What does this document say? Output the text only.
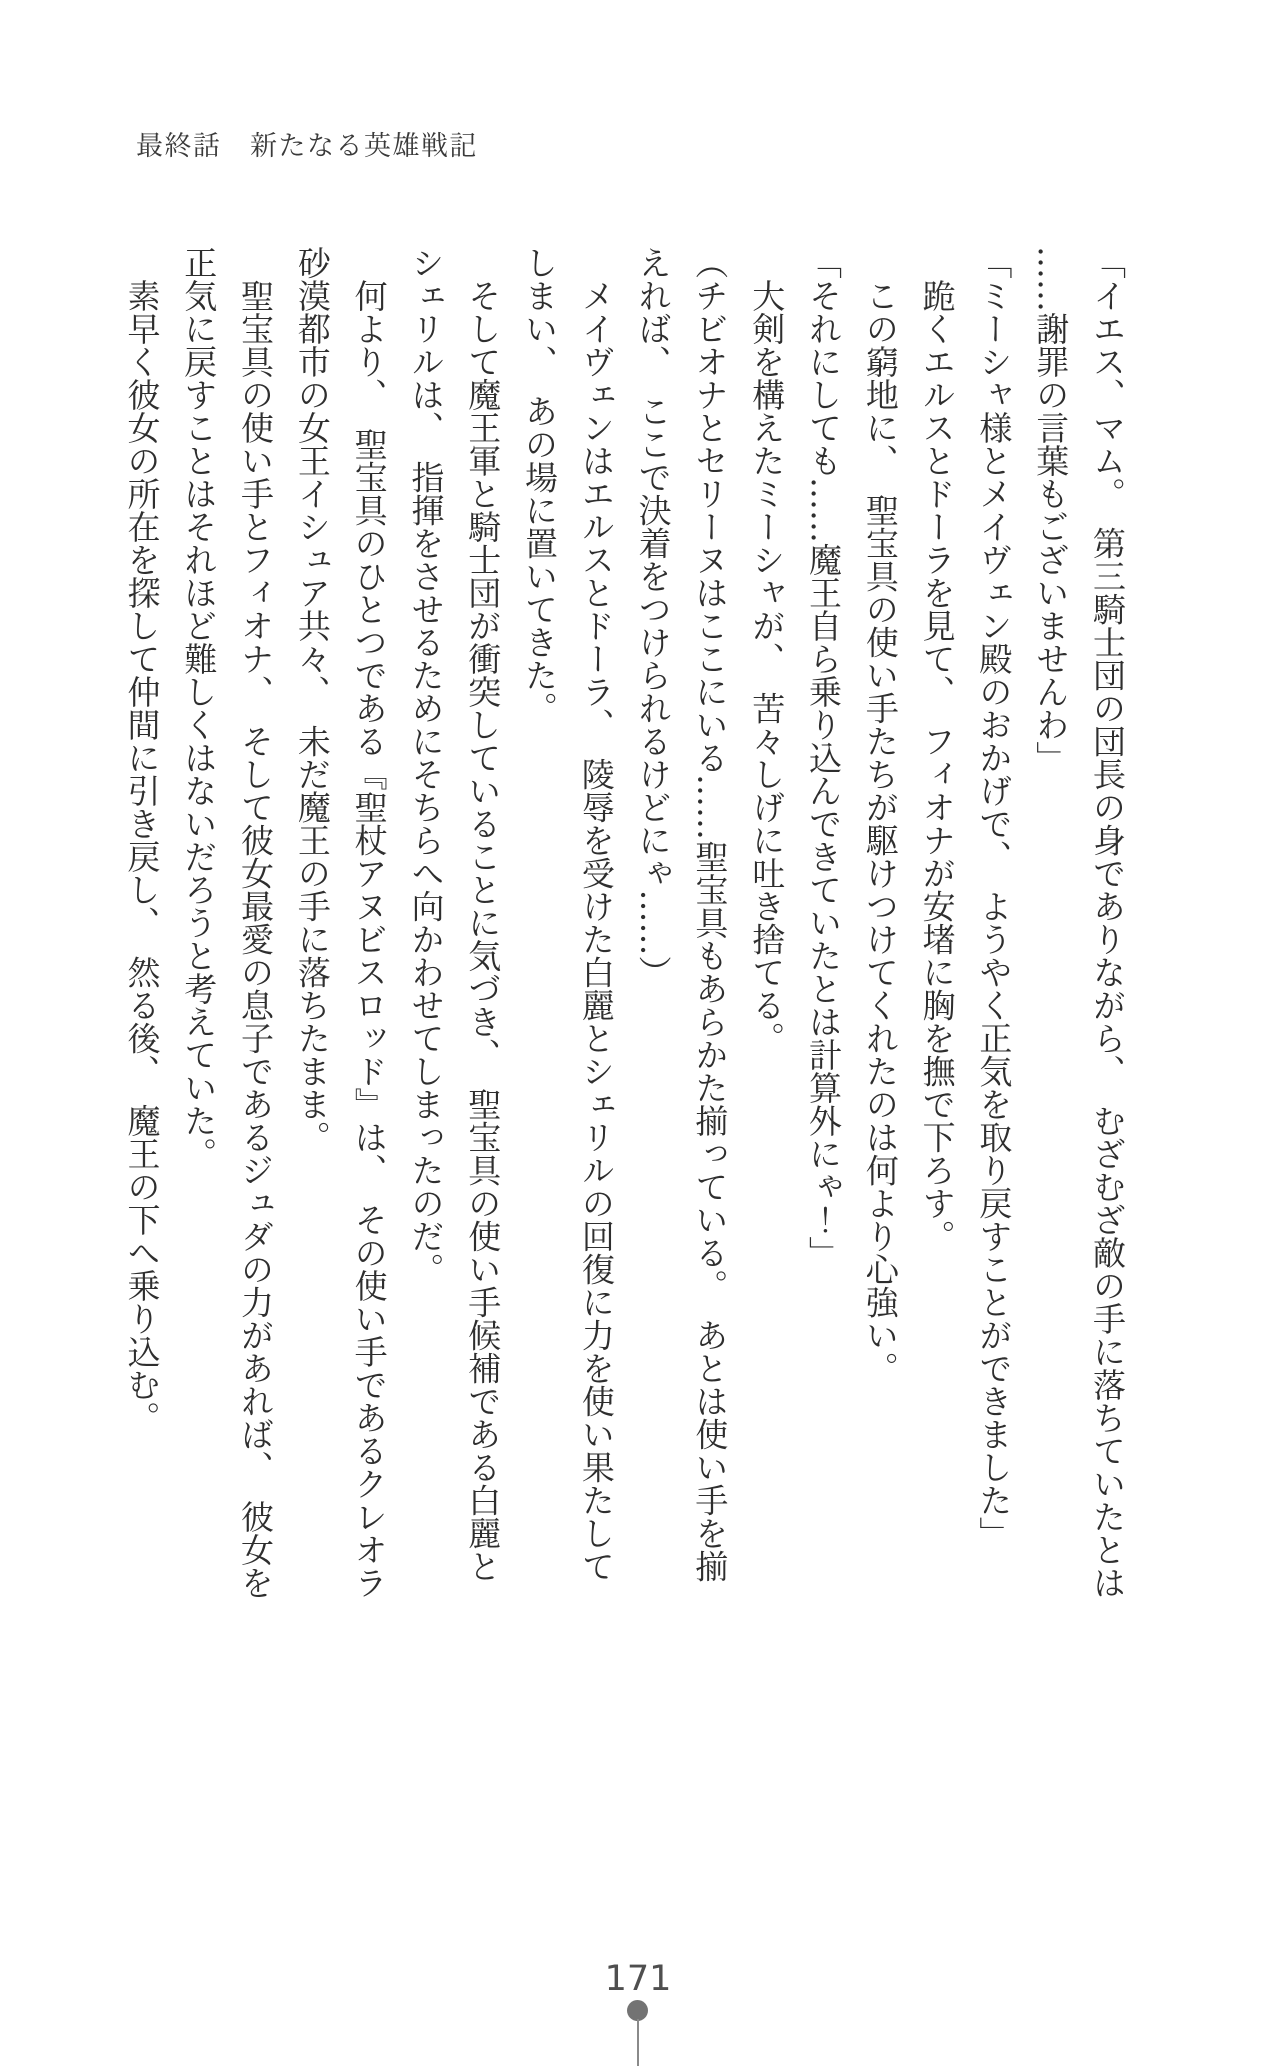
最終話　新たなる英雄戦記
「イエス、マム。　第三騎士団の団長の身でありながら、　むざむざ敵の手に落ちていたとは
……謝罪の言葉もございませんわ」
「ミーシャ様とメイヴェン殿のおかげで、　ようやく正気を取り戻すことができました」
跪くエルスとドーラを見て、　フィオナが安堵に胸を撫で下ろす。
この窮地に、　聖宝具の使い手たちが駆けつけてくれたのは何より心強い。
「それにしても……魔王自ら乗り込んできていたとは計算外にゃ！」
大剣を構えたミーシャが、　苦々しげに吐き捨てる。
（チビオナとセリーヌはここにいる……聖宝具もあらかた揃っている。　あとは使い手を揃
えれば、　ここで決着をつけられるけどにゃ……）
メイヴェンはエルスとドーラ、　陵辱を受けた白麗とシェリルの回復に力を使い果たして
しまい、　あの場に置いてきた。
そして魔王軍と騎士団が衝突していることに気づき、　聖宝具の使い手候補である白麗と
シェリルは、　指揮をさせるためにそちらへ向かわせてしまったのだ。
何より、　聖宝具のひとつである『聖杖アヌビスロッド』は、　その使い手であるクレオラ
砂漠都市の女王イシュア共々、　未だ魔王の手に落ちたまま。
聖宝具の使い手とフィオナ、　そして彼女最愛の息子であるジュダの力があれば、　彼女を
正気に戻すことはそれほど難しくはないだろうと考えていた。
素早く彼女の所在を探して仲間に引き戻し、　然る後、　魔王の下へ乗り込む。
171
